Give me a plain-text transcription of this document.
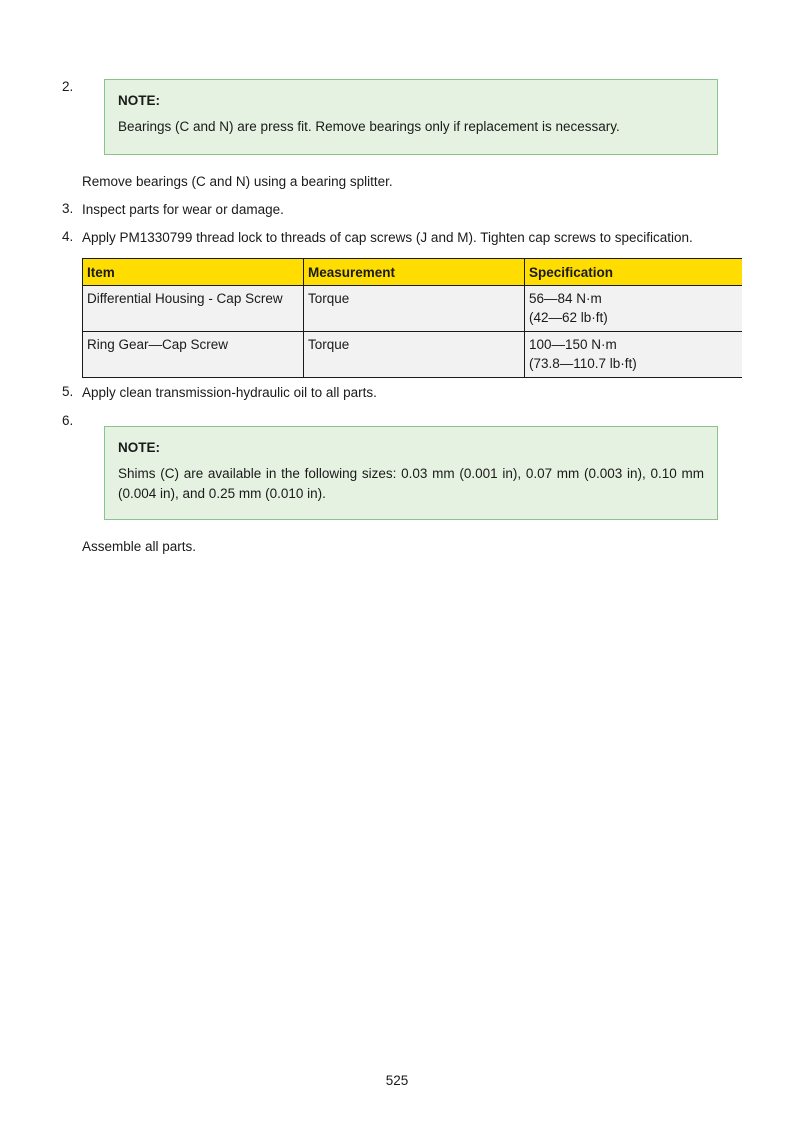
2.
NOTE:
Bearings (C and N) are press fit. Remove bearings only if replacement is necessary.
Remove bearings (C and N) using a bearing splitter.
3. Inspect parts for wear or damage.
4. Apply PM1330799 thread lock to threads of cap screws (J and M). Tighten cap screws to specification.
Item	Measurement	Specification
Differential Housing - Cap Screw	Torque	56—84 N·m
(42—62 lb·ft)

Ring Gear—Cap Screw	Torque	100—150 N·m
(73.8—110.7 lb·ft)
5. Apply clean transmission-hydraulic oil to all parts.
6.
NOTE:
Shims (C) are available in the following sizes: 0.03 mm (0.001 in), 0.07 mm (0.003 in), 0.10 mm (0.004 in), and 0.25 mm (0.010 in).
Assemble all parts.
525
